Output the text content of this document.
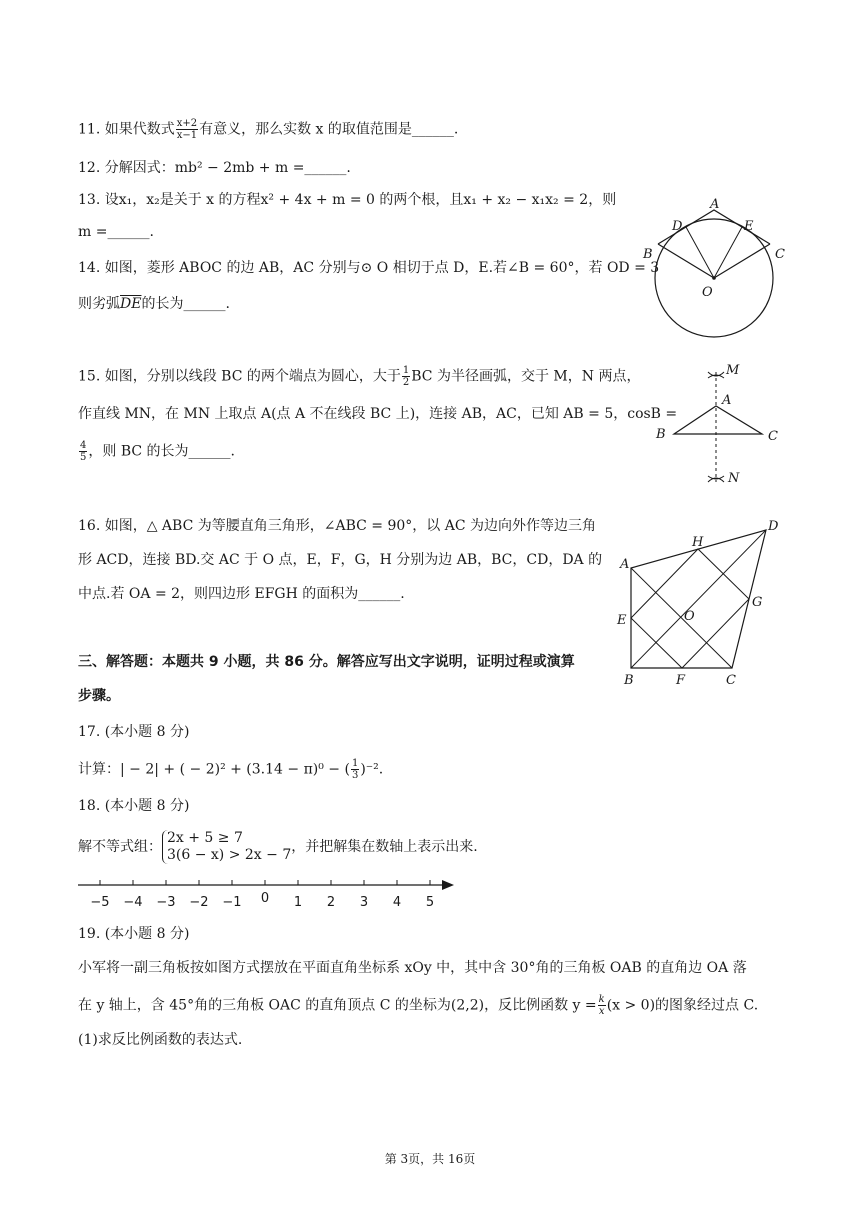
11. 如果代数式 $\frac{x+2}{x-1}$ 有意义，那么实数 x 的取值范围是______.
12. 分解因式：mb² − 2mb + m =______.
13. 设x₁，x₂是关于 x 的方程x² + 4x + m = 0 的两个根，且x₁ + x₂ − x₁x₂ = 2，则
m =______.
14. 如图，菱形 ABOC 的边 AB，AC 分别与⊙ O 相切于点 D，E.若∠B = 60°，若 OD = 3
则劣弧$\overline{DE}$的长为______.
15. 如图，分别以线段 BC 的两个端点为圆心，大于 $\frac{1}{2}$ BC 为半径画弧，交于 M，N 两点，
作直线 MN，在 MN 上取点 A(点 A 不在线段 BC 上)，连接 AB，AC，已知 AB = 5，cosB =
$\frac{4}{5}$ ，则 BC 的长为______.
16. 如图，△ ABC 为等腰直角三角形，∠ABC = 90°，以 AC 为边向外作等边三角
形 ACD，连接 BD.交 AC 于 O 点，E，F，G，H 分别为边 AB，BC，CD，DA 的
中点.若 OA = 2，则四边形 EFGH 的面积为______.
三、解答题：本题共 9 小题，共 86 分。解答应写出文字说明，证明过程或演算
步骤。
17. (本小题 8 分)
计算：| − 2| + ( − 2)² + (3.14 − π)⁰ − ( $\frac{1}{3} )^{-2}$.
18. (本小题 8 分)
解不等式组：
2x + 5 ≥ 7
3(6 − x) > 2x − 7 ，并把解集在数轴上表示出来.
−5 −4 −3 −2 −1 0 1 2 3 4 5
19. (本小题 8 分)
小军将一副三角板按如图方式摆放在平面直角坐标系 xOy 中，其中含 30°角的三角板 OAB 的直角边 OA 落
在 y 轴上，含 45°角的三角板 OAC 的直角顶点 C 的坐标为(2,2)，反比例函数 $y = \frac{k}{x} (x > 0)$的图象经过点 C.
(1)求反比例函数的表达式.
A
B	C
D	E
O
M
A
B	C
N
A
B	C
D
E
F
G
H
O
第 3页，共 16页
